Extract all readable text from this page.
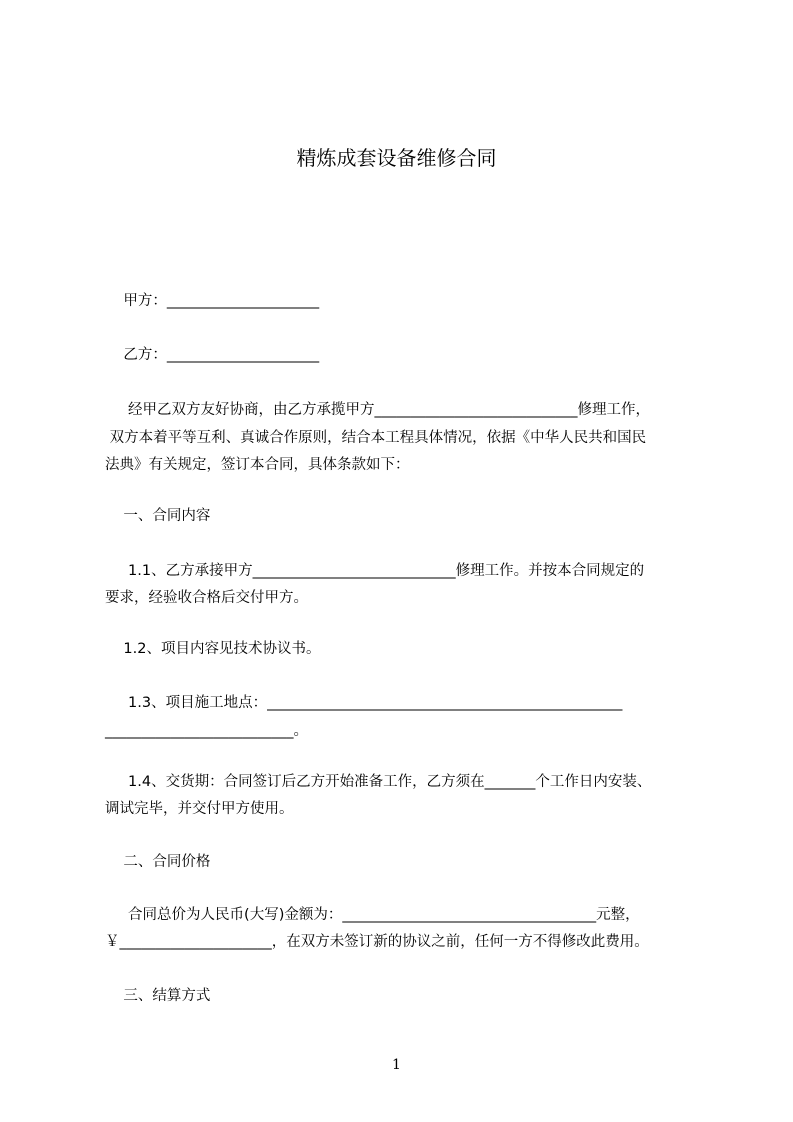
精炼成套设备维修合同
甲方：_____________________
乙方：_____________________
经甲乙双方友好协商，由乙方承揽甲方____________________________修理工作，
双方本着平等互利、真诚合作原则，结合本工程具体情况，依据《中华人民共和国民
法典》有关规定，签订本合同，具体条款如下：
一、合同内容
1.1、乙方承接甲方____________________________修理工作。并按本合同规定的
要求，经验收合格后交付甲方。
1.2、项目内容见技术协议书。
1.3、项目施工地点：_________________________________________________
__________________________。
1.4、交货期：合同签订后乙方开始准备工作，乙方须在_______个工作日内安装、
调试完毕，并交付甲方使用。
二、合同价格
合同总价为人民币(大写)金额为：___________________________________元整，
￥_____________________，在双方未签订新的协议之前，任何一方不得修改此费用。
三、结算方式
1
